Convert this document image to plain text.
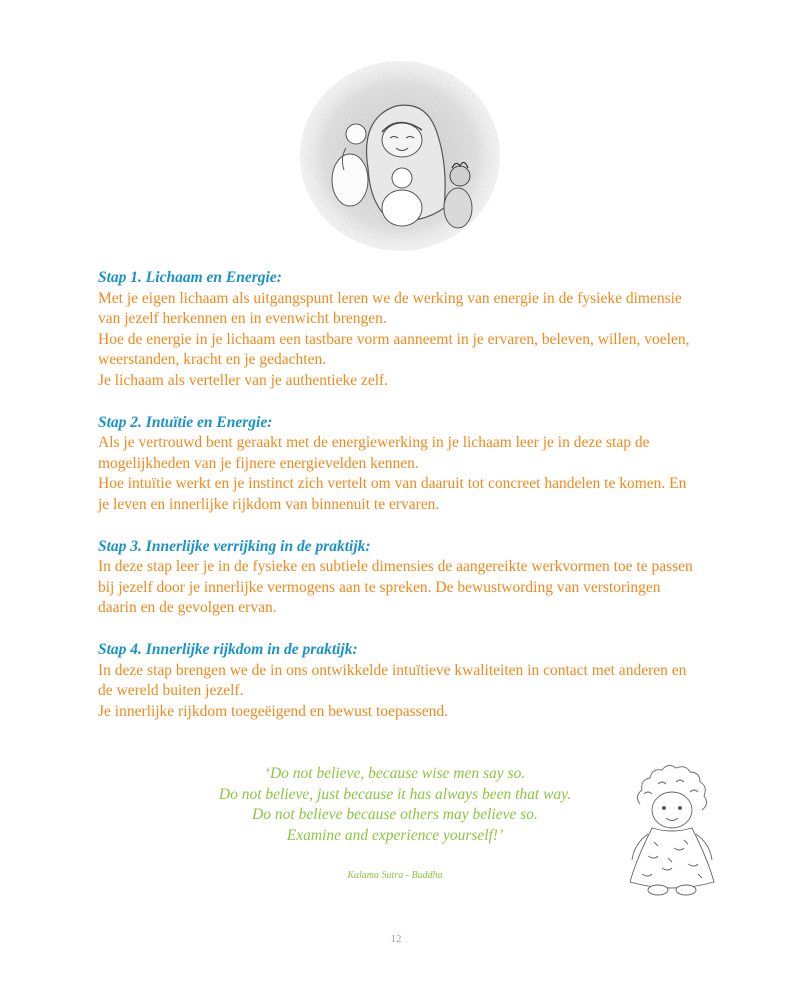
Stap 1. Lichaam en Energie:
Met je eigen lichaam als uitgangspunt leren we de werking van energie in de fysieke dimensie van jezelf herkennen en in evenwicht brengen.
Hoe de energie in je lichaam een tastbare vorm aanneemt in je ervaren, beleven, willen, voelen, weerstanden, kracht en je gedachten.
Je lichaam als verteller van je authentieke zelf.
Stap 2. Intuïtie en Energie:
Als je vertrouwd bent geraakt met de energiewerking in je lichaam leer je in deze stap de mogelijkheden van je fijnere energievelden kennen.
Hoe intuïtie werkt en je instinct zich vertelt om van daaruit tot concreet handelen te komen. En je leven en innerlijke rijkdom van binnenuit te ervaren.
Stap 3. Innerlijke verrijking in de praktijk:
In deze stap leer je in de fysieke en subtiele dimensies de aangereikte werkvormen toe te passen bij jezelf door je innerlijke vermogens aan te spreken. De bewustwording van verstoringen daarin en de gevolgen ervan.
Stap 4. Innerlijke rijkdom in de praktijk:
In deze stap brengen we de in ons ontwikkelde intuïtieve kwaliteiten in contact met anderen en de wereld buiten jezelf.
Je innerlijke rijkdom toegeëigend en bewust toepassend.
‘Do not believe, because wise men say so.
Do not believe, just because it has always been that way.
Do not believe because others may believe so.
Examine and experience yourself!’
Kalama Sutra - Buddha
12
